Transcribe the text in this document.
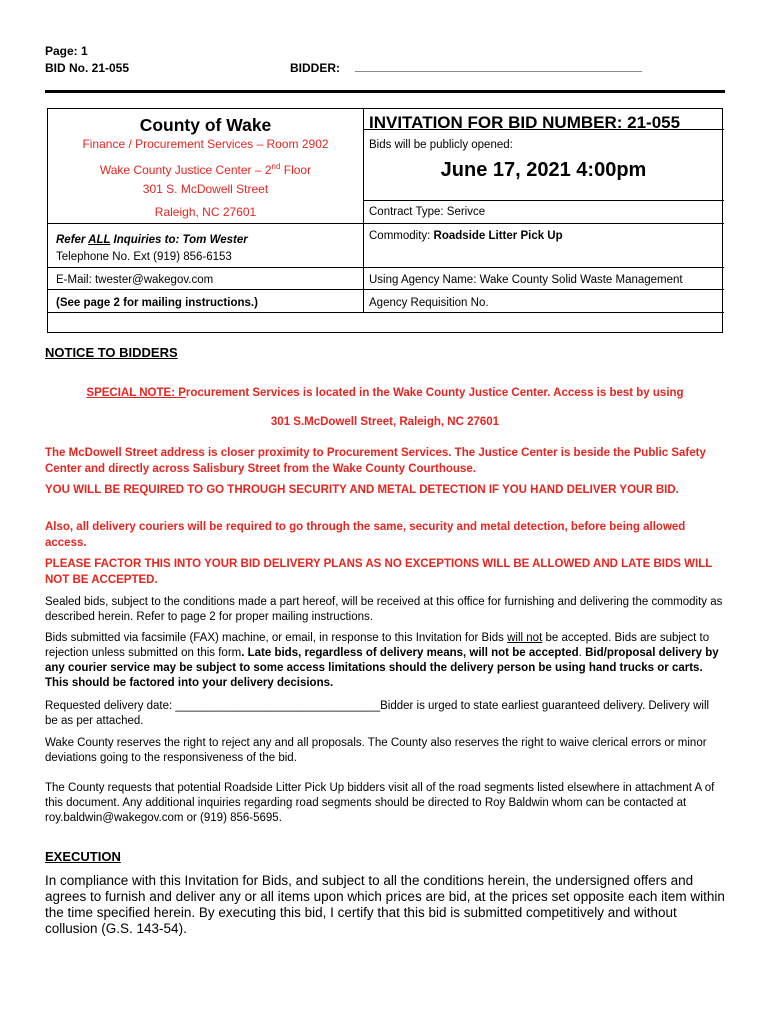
Page: 1
BID No. 21-055	BIDDER: ___________________________________________
County of Wake
Finance / Procurement Services – Room 2902
Wake County Justice Center – 2nd Floor
301 S. McDowell Street
Raleigh, NC 27601
Refer ALL Inquiries to: Tom Wester
Telephone No. Ext (919) 856-6153
E-Mail: twester@wakegov.com
(See page 2 for mailing instructions.)
INVITATION FOR BID NUMBER: 21-055
Bids will be publicly opened:
June 17, 2021 4:00pm
Contract Type: Serivce
Commodity: Roadside Litter Pick Up
Using Agency Name: Wake County Solid Waste Management
Agency Requisition No.
NOTICE TO BIDDERS
SPECIAL NOTE: Procurement Services is located in the Wake County Justice Center. Access is best by using
301 S.McDowell Street, Raleigh, NC 27601
The McDowell Street address is closer proximity to Procurement Services. The Justice Center is beside the Public Safety Center and directly across Salisbury Street from the Wake County Courthouse.
YOU WILL BE REQUIRED TO GO THROUGH SECURITY AND METAL DETECTION IF YOU HAND DELIVER YOUR BID.
Also, all delivery couriers will be required to go through the same, security and metal detection, before being allowed access.
PLEASE FACTOR THIS INTO YOUR BID DELIVERY PLANS AS NO EXCEPTIONS WILL BE ALLOWED AND LATE BIDS WILL NOT BE ACCEPTED.
Sealed bids, subject to the conditions made a part hereof, will be received at this office for furnishing and delivering the commodity as described herein. Refer to page 2 for proper mailing instructions.
Bids submitted via facsimile (FAX) machine, or email, in response to this Invitation for Bids will not be accepted. Bids are subject to rejection unless submitted on this form. Late bids, regardless of delivery means, will not be accepted. Bid/proposal delivery by any courier service may be subject to some access limitations should the delivery person be using hand trucks or carts. This should be factored into your delivery decisions.
Requested delivery date: ________________________________Bidder is urged to state earliest guaranteed delivery. Delivery will be as per attached.
Wake County reserves the right to reject any and all proposals. The County also reserves the right to waive clerical errors or minor deviations going to the responsiveness of the bid.
The County requests that potential Roadside Litter Pick Up bidders visit all of the road segments listed elsewhere in attachment A of this document. Any additional inquiries regarding road segments should be directed to Roy Baldwin whom can be contacted at roy.baldwin@wakegov.com or (919) 856-5695.
EXECUTION
In compliance with this Invitation for Bids, and subject to all the conditions herein, the undersigned offers and agrees to furnish and deliver any or all items upon which prices are bid, at the prices set opposite each item within the time specified herein. By executing this bid, I certify that this bid is submitted competitively and without collusion (G.S. 143-54).
